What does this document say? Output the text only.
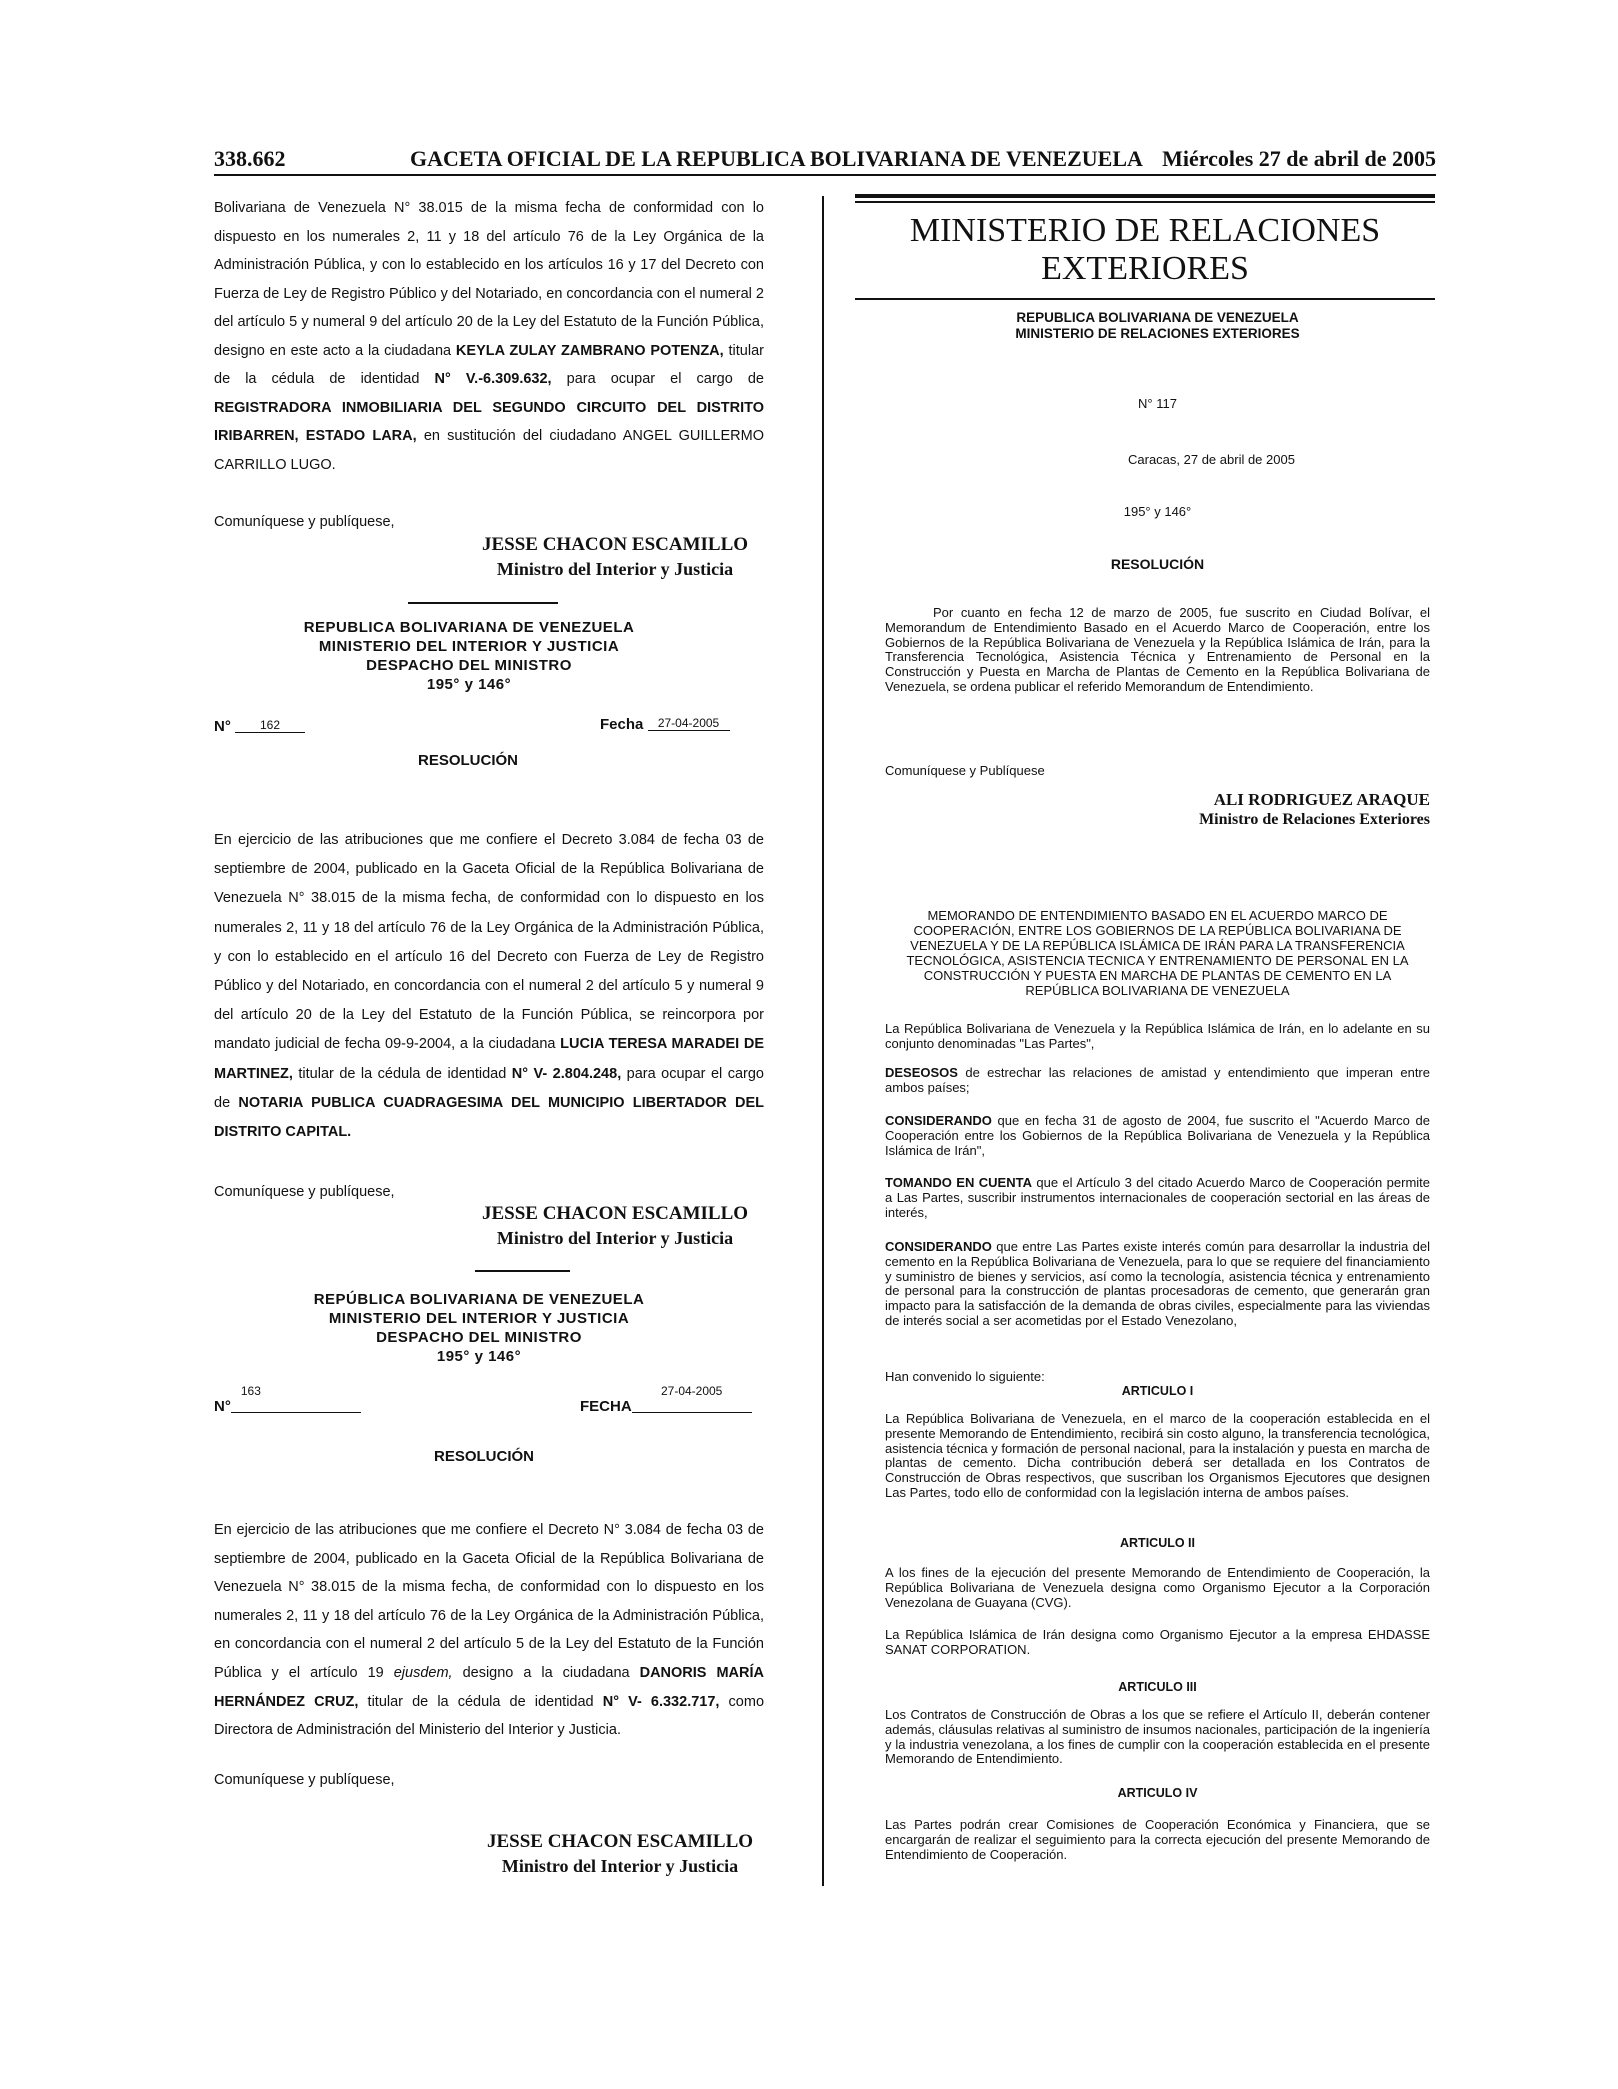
338.662	GACETA OFICIAL DE LA REPUBLICA BOLIVARIANA DE VENEZUELA Miércoles 27 de abril de 2005

Bolivariana de Venezuela N° 38.015 de la misma fecha de conformidad con lo dispuesto en los numerales 2, 11 y 18 del artículo 76 de la Ley Orgánica de la Administración Pública, y con lo establecido en los artículos 16 y 17 del Decreto con Fuerza de Ley de Registro Público y del Notariado, en concordancia con el numeral 2 del artículo 5 y numeral 9 del artículo 20 de la Ley del Estatuto de la Función Pública, designo en este acto a la ciudadana KEYLA ZULAY ZAMBRANO POTENZA, titular de la cédula de identidad N° V.-6.309.632, para ocupar el cargo de REGISTRADORA INMOBILIARIA DEL SEGUNDO CIRCUITO DEL DISTRITO IRIBARREN, ESTADO LARA, en sustitución del ciudadano ANGEL GUILLERMO CARRILLO LUGO.

Comuníquese y publíquese,
JESSE CHACON ESCAMILLO
Ministro del Interior y Justicia
REPUBLICA BOLIVARIANA DE VENEZUELA
MINISTERIO DEL INTERIOR Y JUSTICIA
DESPACHO DEL MINISTRO
195° y 146°
N° 162	Fecha 27-04-2005
RESOLUCIÓN

En ejercicio de las atribuciones que me confiere el Decreto 3.084 de fecha 03 de septiembre de 2004, publicado en la Gaceta Oficial de la República Bolivariana de Venezuela N° 38.015 de la misma fecha, de conformidad con lo dispuesto en los numerales 2, 11 y 18 del artículo 76 de la Ley Orgánica de la Administración Pública, y con lo establecido en el artículo 16 del Decreto con Fuerza de Ley de Registro Público y del Notariado, en concordancia con el numeral 2 del artículo 5 y numeral 9 del artículo 20 de la Ley del Estatuto de la Función Pública, se reincorpora por mandato judicial de fecha 09-9-2004, a la ciudadana LUCIA TERESA MARADEI DE MARTINEZ, titular de la cédula de identidad N° V- 2.804.248, para ocupar el cargo de NOTARIA PUBLICA CUADRAGESIMA DEL MUNICIPIO LIBERTADOR DEL DISTRITO CAPITAL.

Comuníquese y publíquese,
JESSE CHACON ESCAMILLO
Ministro del Interior y Justicia
REPÚBLICA BOLIVARIANA DE VENEZUELA
MINISTERIO DEL INTERIOR Y JUSTICIA
DESPACHO DEL MINISTRO
195° y 146°
N°163
FECHA27-04-2005
RESOLUCIÓN

En ejercicio de las atribuciones que me confiere el Decreto N° 3.084 de fecha 03 de septiembre de 2004, publicado en la Gaceta Oficial de la República Bolivariana de Venezuela N° 38.015 de la misma fecha, de conformidad con lo dispuesto en los numerales 2, 11 y 18 del artículo 76 de la Ley Orgánica de la Administración Pública, en concordancia con el numeral 2 del artículo 5 de la Ley del Estatuto de la Función Pública y el artículo 19 ejusdem, designo a la ciudadana DANORIS MARÍA HERNÁNDEZ CRUZ, titular de la cédula de identidad N° V- 6.332.717, como Directora de Administración del Ministerio del Interior y Justicia.

Comuníquese y publíquese,
JESSE CHACON ESCAMILLO
Ministro del Interior y Justicia
MINISTERIO DE RELACIONES
EXTERIORES
REPUBLICA BOLIVARIANA DE VENEZUELA
MINISTERIO DE RELACIONES EXTERIORES
N° 117
Caracas, 27 de abril de 2005
195° y 146°
RESOLUCIÓN

Por cuanto en fecha 12 de marzo de 2005, fue suscrito en Ciudad Bolívar, el Memorandum de Entendimiento Basado en el Acuerdo Marco de Cooperación, entre los Gobiernos de la República Bolivariana de Venezuela y la República Islámica de Irán, para la Transferencia Tecnológica, Asistencia Técnica y Entrenamiento de Personal en la Construcción y Puesta en Marcha de Plantas de Cemento en la República Bolivariana de Venezuela, se ordena publicar el referido Memorandum de Entendimiento.

Comuníquese y Publíquese
ALI RODRIGUEZ ARAQUE
Ministro de Relaciones Exteriores
MEMORANDO DE ENTENDIMIENTO BASADO EN EL ACUERDO MARCO DE COOPERACIÓN, ENTRE LOS GOBIERNOS DE LA REPÚBLICA BOLIVARIANA DE VENEZUELA Y DE LA REPÚBLICA ISLÁMICA DE IRÁN PARA LA TRANSFERENCIA TECNOLÓGICA, ASISTENCIA TECNICA Y ENTRENAMIENTO DE PERSONAL EN LA CONSTRUCCIÓN Y PUESTA EN MARCHA DE PLANTAS DE CEMENTO EN LA REPÚBLICA BOLIVARIANA DE VENEZUELA

La República Bolivariana de Venezuela y la República Islámica de Irán, en lo adelante en su conjunto denominadas "Las Partes",

DESEOSOS de estrechar las relaciones de amistad y entendimiento que imperan entre ambos países;

CONSIDERANDO que en fecha 31 de agosto de 2004, fue suscrito el "Acuerdo Marco de Cooperación entre los Gobiernos de la República Bolivariana de Venezuela y la República Islámica de Irán",

TOMANDO EN CUENTA que el Artículo 3 del citado Acuerdo Marco de Cooperación permite a Las Partes, suscribir instrumentos internacionales de cooperación sectorial en las áreas de interés,

CONSIDERANDO que entre Las Partes existe interés común para desarrollar la industria del cemento en la República Bolivariana de Venezuela, para lo que se requiere del financiamiento y suministro de bienes y servicios, así como la tecnología, asistencia técnica y entrenamiento de personal para la construcción de plantas procesadoras de cemento, que generarán gran impacto para la satisfacción de la demanda de obras civiles, especialmente para las viviendas de interés social a ser acometidas por el Estado Venezolano,

Han convenido lo siguiente:
ARTICULO I

La República Bolivariana de Venezuela, en el marco de la cooperación establecida en el presente Memorando de Entendimiento, recibirá sin costo alguno, la transferencia tecnológica, asistencia técnica y formación de personal nacional, para la instalación y puesta en marcha de plantas de cemento. Dicha contribución deberá ser detallada en los Contratos de Construcción de Obras respectivos, que suscriban los Organismos Ejecutores que designen Las Partes, todo ello de conformidad con la legislación interna de ambos países.

ARTICULO II

A los fines de la ejecución del presente Memorando de Entendimiento de Cooperación, la República Bolivariana de Venezuela designa como Organismo Ejecutor a la Corporación Venezolana de Guayana (CVG).

La República Islámica de Irán designa como Organismo Ejecutor a la empresa EHDASSE SANAT CORPORATION.

ARTICULO III

Los Contratos de Construcción de Obras a los que se refiere el Artículo II, deberán contener además, cláusulas relativas al suministro de insumos nacionales, participación de la ingeniería y la industria venezolana, a los fines de cumplir con la cooperación establecida en el presente Memorando de Entendimiento.

ARTICULO IV

Las Partes podrán crear Comisiones de Cooperación Económica y Financiera, que se encargarán de realizar el seguimiento para la correcta ejecución del presente Memorando de Entendimiento de Cooperación.
